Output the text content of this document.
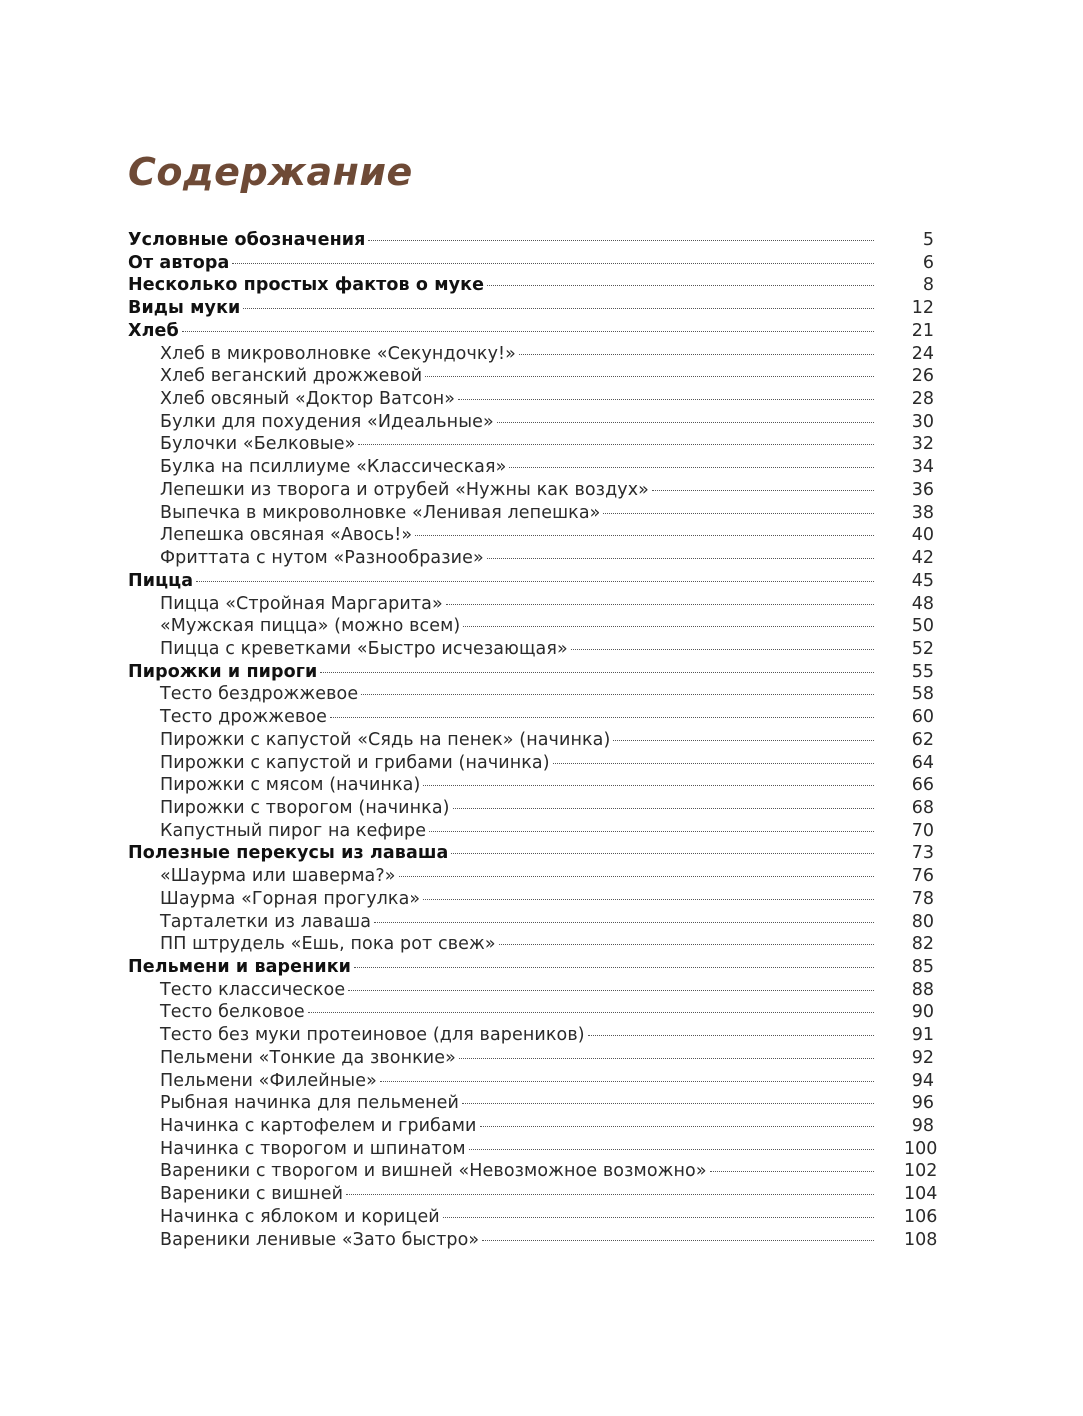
Содержание
Условные обозначения	5
От автора	6
Несколько простых фактов о муке	8
Виды муки	12
Хлеб	21
Хлеб в микроволновке «Секундочку!»	24
Хлеб веганский дрожжевой	26
Хлеб овсяный «Доктор Ватсон»	28
Булки для похудения «Идеальные»	30
Булочки «Белковые»	32
Булка на псиллиуме «Классическая»	34
Лепешки из творога и отрубей «Нужны как воздух»	36
Выпечка в микроволновке «Ленивая лепешка»	38
Лепешка овсяная «Авось!»	40
Фриттата с нутом «Разнообразие»	42
Пицца	45
Пицца «Стройная Маргарита»	48
«Мужская пицца» (можно всем)	50
Пицца с креветками «Быстро исчезающая»	52
Пирожки и пироги	55
Тесто бездрожжевое	58
Тесто дрожжевое	60
Пирожки с капустой «Сядь на пенек» (начинка)	62
Пирожки с капустой и грибами (начинка)	64
Пирожки с мясом (начинка)	66
Пирожки с творогом (начинка)	68
Капустный пирог на кефире	70
Полезные перекусы из лаваша	73
«Шаурма или шаверма?»	76
Шаурма «Горная прогулка»	78
Тарталетки из лаваша	80
ПП штрудель «Ешь, пока рот свеж»	82
Пельмени и вареники	85
Тесто классическое	88
Тесто белковое	90
Тесто без муки протеиновое (для вареников)	91
Пельмени «Тонкие да звонкие»	92
Пельмени «Филейные»	94
Рыбная начинка для пельменей	96
Начинка с картофелем и грибами	98
Начинка с творогом и шпинатом	100
Вареники с творогом и вишней «Невозможное возможно»	102
Вареники с вишней	104
Начинка с яблоком и корицей	106
Вареники ленивые «Зато быстро»	108
